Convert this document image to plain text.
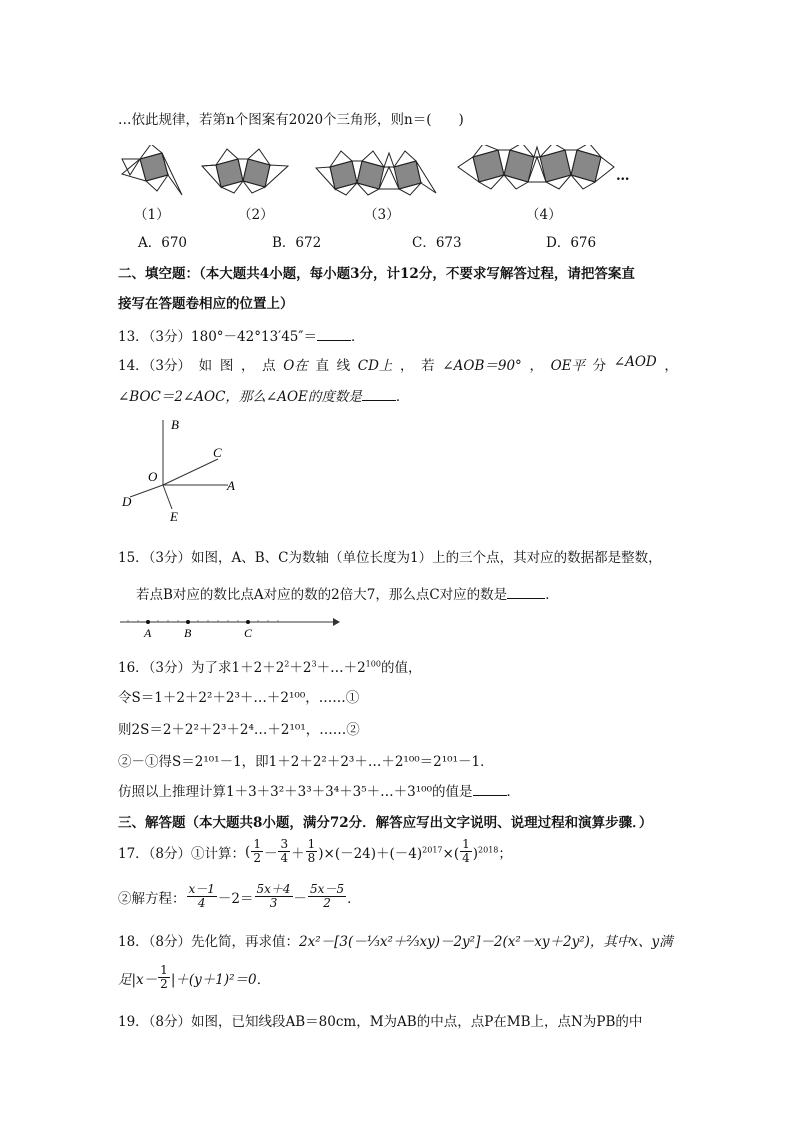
…依此规律，若第n个图案有2020个三角形，则n＝(　　)
…
（1）	（2）	（3）	（4）
A．670	B．672	C．673	D．676
二、填空题：（本大题共4小题，每小题3分，计12分，不要求写解答过程，请把答案直
接写在答题卷相应的位置上）
13．（3分）180°－42°13′45″＝	．
14．（3分） 如 图 ， 点 O在 直 线 CD上 ， 若 ∠AOB＝90° ， OE平 分 ∠AOD ，
∠BOC＝2∠AOC，那么∠AOE的度数是	．
B
C
O
A
D
E
15．（3分）如图，A、B、C为数轴（单位长度为1）上的三个点，其对应的数据都是整数，
若点B对应的数比点A对应的数的2倍大7，那么点C对应的数是	．
A	B	C
16．（3分）为了求$1+2+2^2+2^3+\dots+2^{100}$的值，
令S＝1＋2＋2²＋2³＋…＋2¹⁰⁰，……①
则2S＝2＋2²＋2³＋2⁴…＋2¹⁰¹，……②
②－①得S＝2¹⁰¹－1，即1＋2＋2²＋2³＋…＋2¹⁰⁰＝2¹⁰¹－1．
仿照以上推理计算1＋3＋3²＋3³＋3⁴＋3⁵＋…＋3¹⁰⁰的值是	．
三、解答题（本大题共8小题，满分72分．解答应写出文字说明、说理过程和演算步骤．）
17．（8分）①计算： ( $\frac{1}{2} - \frac{3}{4} + \frac{1}{8} )\times(-24)+(-4)^{2017}\times( \frac{1}{4} )^{2018}$；
②解方程： $\frac{x-1}{4} -2= \frac{5x+4}{3} - \frac{5x-5}{2}$ ．
18．（8分）先化简，再求值：2x²－[3(－⅓x²＋⅔xy)－2y²]－2(x²－xy＋2y²)，其中x、y满
足$|x- \frac{1}{2} |+(y+1)^2=0$．
19．（8分）如图，已知线段AB＝80cm，M为AB的中点，点P在MB上，点N为PB的中
